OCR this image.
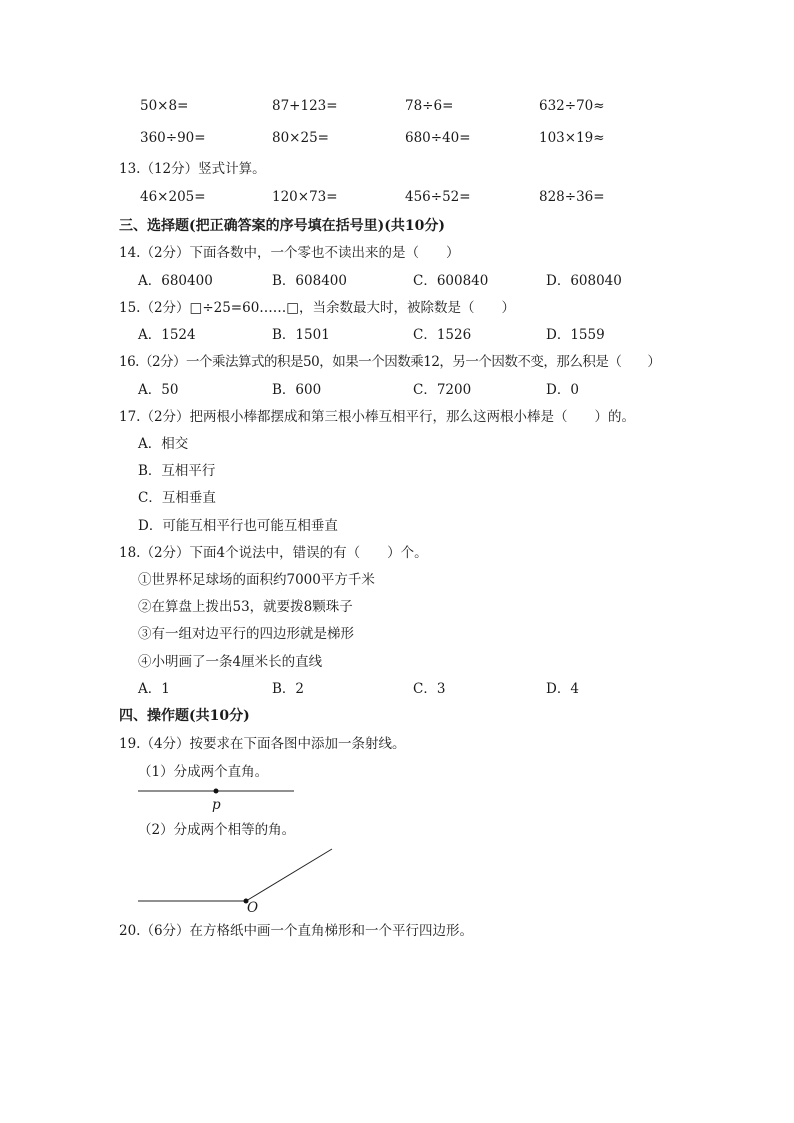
50×8=	87+123=	78÷6=	632÷70≈
360÷90=	80×25=	680÷40=	103×19≈
13.（12分）竖式计算。
46×205=	120×73=	456÷52=	828÷36=
三、选择题(把正确答案的序号填在括号里)(共10分)
14.（2分）下面各数中，一个零也不读出来的是（　　）
A．680400	B．608400	C．600840	D．608040
15.（2分）□÷25=60……□，当余数最大时，被除数是（　　）
A．1524	B．1501	C．1526	D．1559
16.（2分）一个乘法算式的积是50，如果一个因数乘12，另一个因数不变，那么积是（　　）
A．50	B．600	C．7200	D．0
17.（2分）把两根小棒都摆成和第三根小棒互相平行，那么这两根小棒是（　　）的。
A．相交
B．互相平行
C．互相垂直
D．可能互相平行也可能互相垂直
18.（2分）下面4个说法中，错误的有（　　）个。
①世界杯足球场的面积约7000平方千米
②在算盘上拨出53，就要拨8颗珠子
③有一组对边平行的四边形就是梯形
④小明画了一条4厘米长的直线
A．1	B．2	C．3	D．4
四、操作题(共10分)
19.（4分）按要求在下面各图中添加一条射线。
（1）分成两个直角。
p
（2）分成两个相等的角。
O
20.（6分）在方格纸中画一个直角梯形和一个平行四边形。
